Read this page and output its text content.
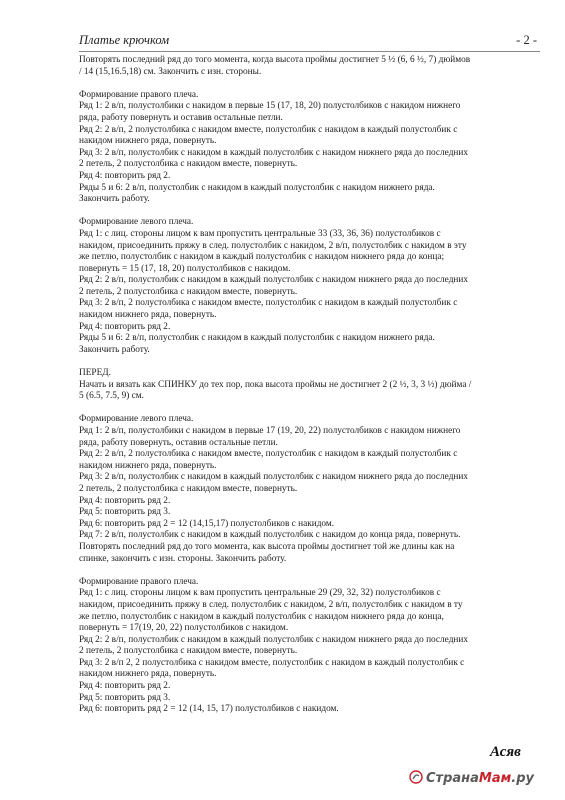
Платье крючком	- 2 -
Повторять последний ряд до того момента, когда высота проймы достигнет 5 ½ (6, 6 ½, 7) дюймов
/ 14 (15,16.5,18) см. Закончить с изн. стороны.
Формирование правого плеча.
Ряд 1: 2 в/п, полустолбики с накидом в первые 15 (17, 18, 20) полустолбиков с накидом нижнего
ряда, работу повернуть и оставив остальные петли.
Ряд 2: 2 в/п, 2 полустолбика с накидом вместе, полустолбик с накидом в каждый полустолбик с
накидом нижнего ряда, повернуть.
Ряд 3: 2 в/п, полустолбик с накидом в каждый полустолбик с накидом нижнего ряда до последних
2 петель, 2 полустолбика с накидом вместе, повернуть.
Ряд 4: повторить ряд 2.
Ряды 5 и 6: 2 в/п, полустолбик с накидом в каждый полустолбик с накидом нижнего ряда.
Закончить работу.
Формирование левого плеча.
Ряд 1: с лиц. стороны лицом к вам пропустить центральные 33 (33, 36, 36) полустолбиков с
накидом, присоединить пряжу в след. полустолбик с накидом, 2 в/п, полустолбик с накидом в эту
же петлю, полустолбик с накидом в каждый полустолбик с накидом нижнего ряда до конца;
повернуть = 15 (17, 18, 20) полустолбиков с накидом.
Ряд 2: 2 в/п, полустолбик с накидом в каждый полустолбик с накидом нижнего ряда до последних
2 петель, 2 полустолбика с накидом вместе, повернуть.
Ряд 3: 2 в/п, 2 полустолбика с накидом вместе, полустолбик с накидом в каждый полустолбик с
накидом нижнего ряда, повернуть.
Ряд 4: повторить ряд 2.
Ряды 5 и 6: 2 в/п, полустолбик с накидом в каждый полустолбик с накидом нижнего ряда.
Закончить работу.
ПЕРЕД.
Начать и вязать как СПИНКУ до тех пор, пока высота проймы не достигнет 2 (2 ½, 3, 3 ½) дюйма /
5 (6.5, 7.5, 9) см.
Формирование левого плеча.
Ряд 1: 2 в/п, полустолбики с накидом в первые 17 (19, 20, 22) полустолбиков с накидом нижнего
ряда, работу повернуть, оставив остальные петли.
Ряд 2: 2 в/п, 2 полустолбика с накидом вместе, полустолбик с накидом в каждый полустолбик с
накидом нижнего ряда, повернуть.
Ряд 3: 2 в/п, полустолбик с накидом в каждый полустолбик с накидом нижнего ряда до последних
2 петель, 2 полустолбика с накидом вместе, повернуть.
Ряд 4: повторить ряд 2.
Ряд 5: повторить ряд 3.
Ряд 6: повторить ряд 2 = 12 (14,15,17) полустолбиков с накидом.
Ряд 7: 2 в/п, полустолбик с накидом в каждый полустолбик с накидом до конца ряда, повернуть.
Повторять последний ряд до того момента, как высота проймы достигнет той же длины как на
спинке, закончить с изн. стороны. Закончить работу.
Формирование правого плеча.
Ряд 1: с лиц. стороны лицом к вам пропустить центральные 29 (29, 32, 32) полустолбиков с
накидом, присоединить пряжу в след. полустолбик с накидом, 2 в/п, полустолбик с накидом в ту
же петлю, полустолбик с накидом в каждый полустолбик с накидом нижнего ряда до конца,
повернуть = 17(19, 20, 22) полустолбиков с накидом.
Ряд 2: 2 в/п, полустолбик с накидом в каждый полустолбик с накидом нижнего ряда до последних
2 петель, 2 полустолбика с накидом вместе, повернуть.
Ряд 3: 2 в/п 2, 2 полустолбика с накидом вместе, полустолбик с накидом в каждый полустолбик с
накидом нижнего ряда, повернуть.
Ряд 4: повторить ряд 2.
Ряд 5: повторить ряд 3.
Ряд 6: повторить ряд 2 = 12 (14, 15, 17) полустолбиков с накидом.
Асяв
СтранаМам.ру
